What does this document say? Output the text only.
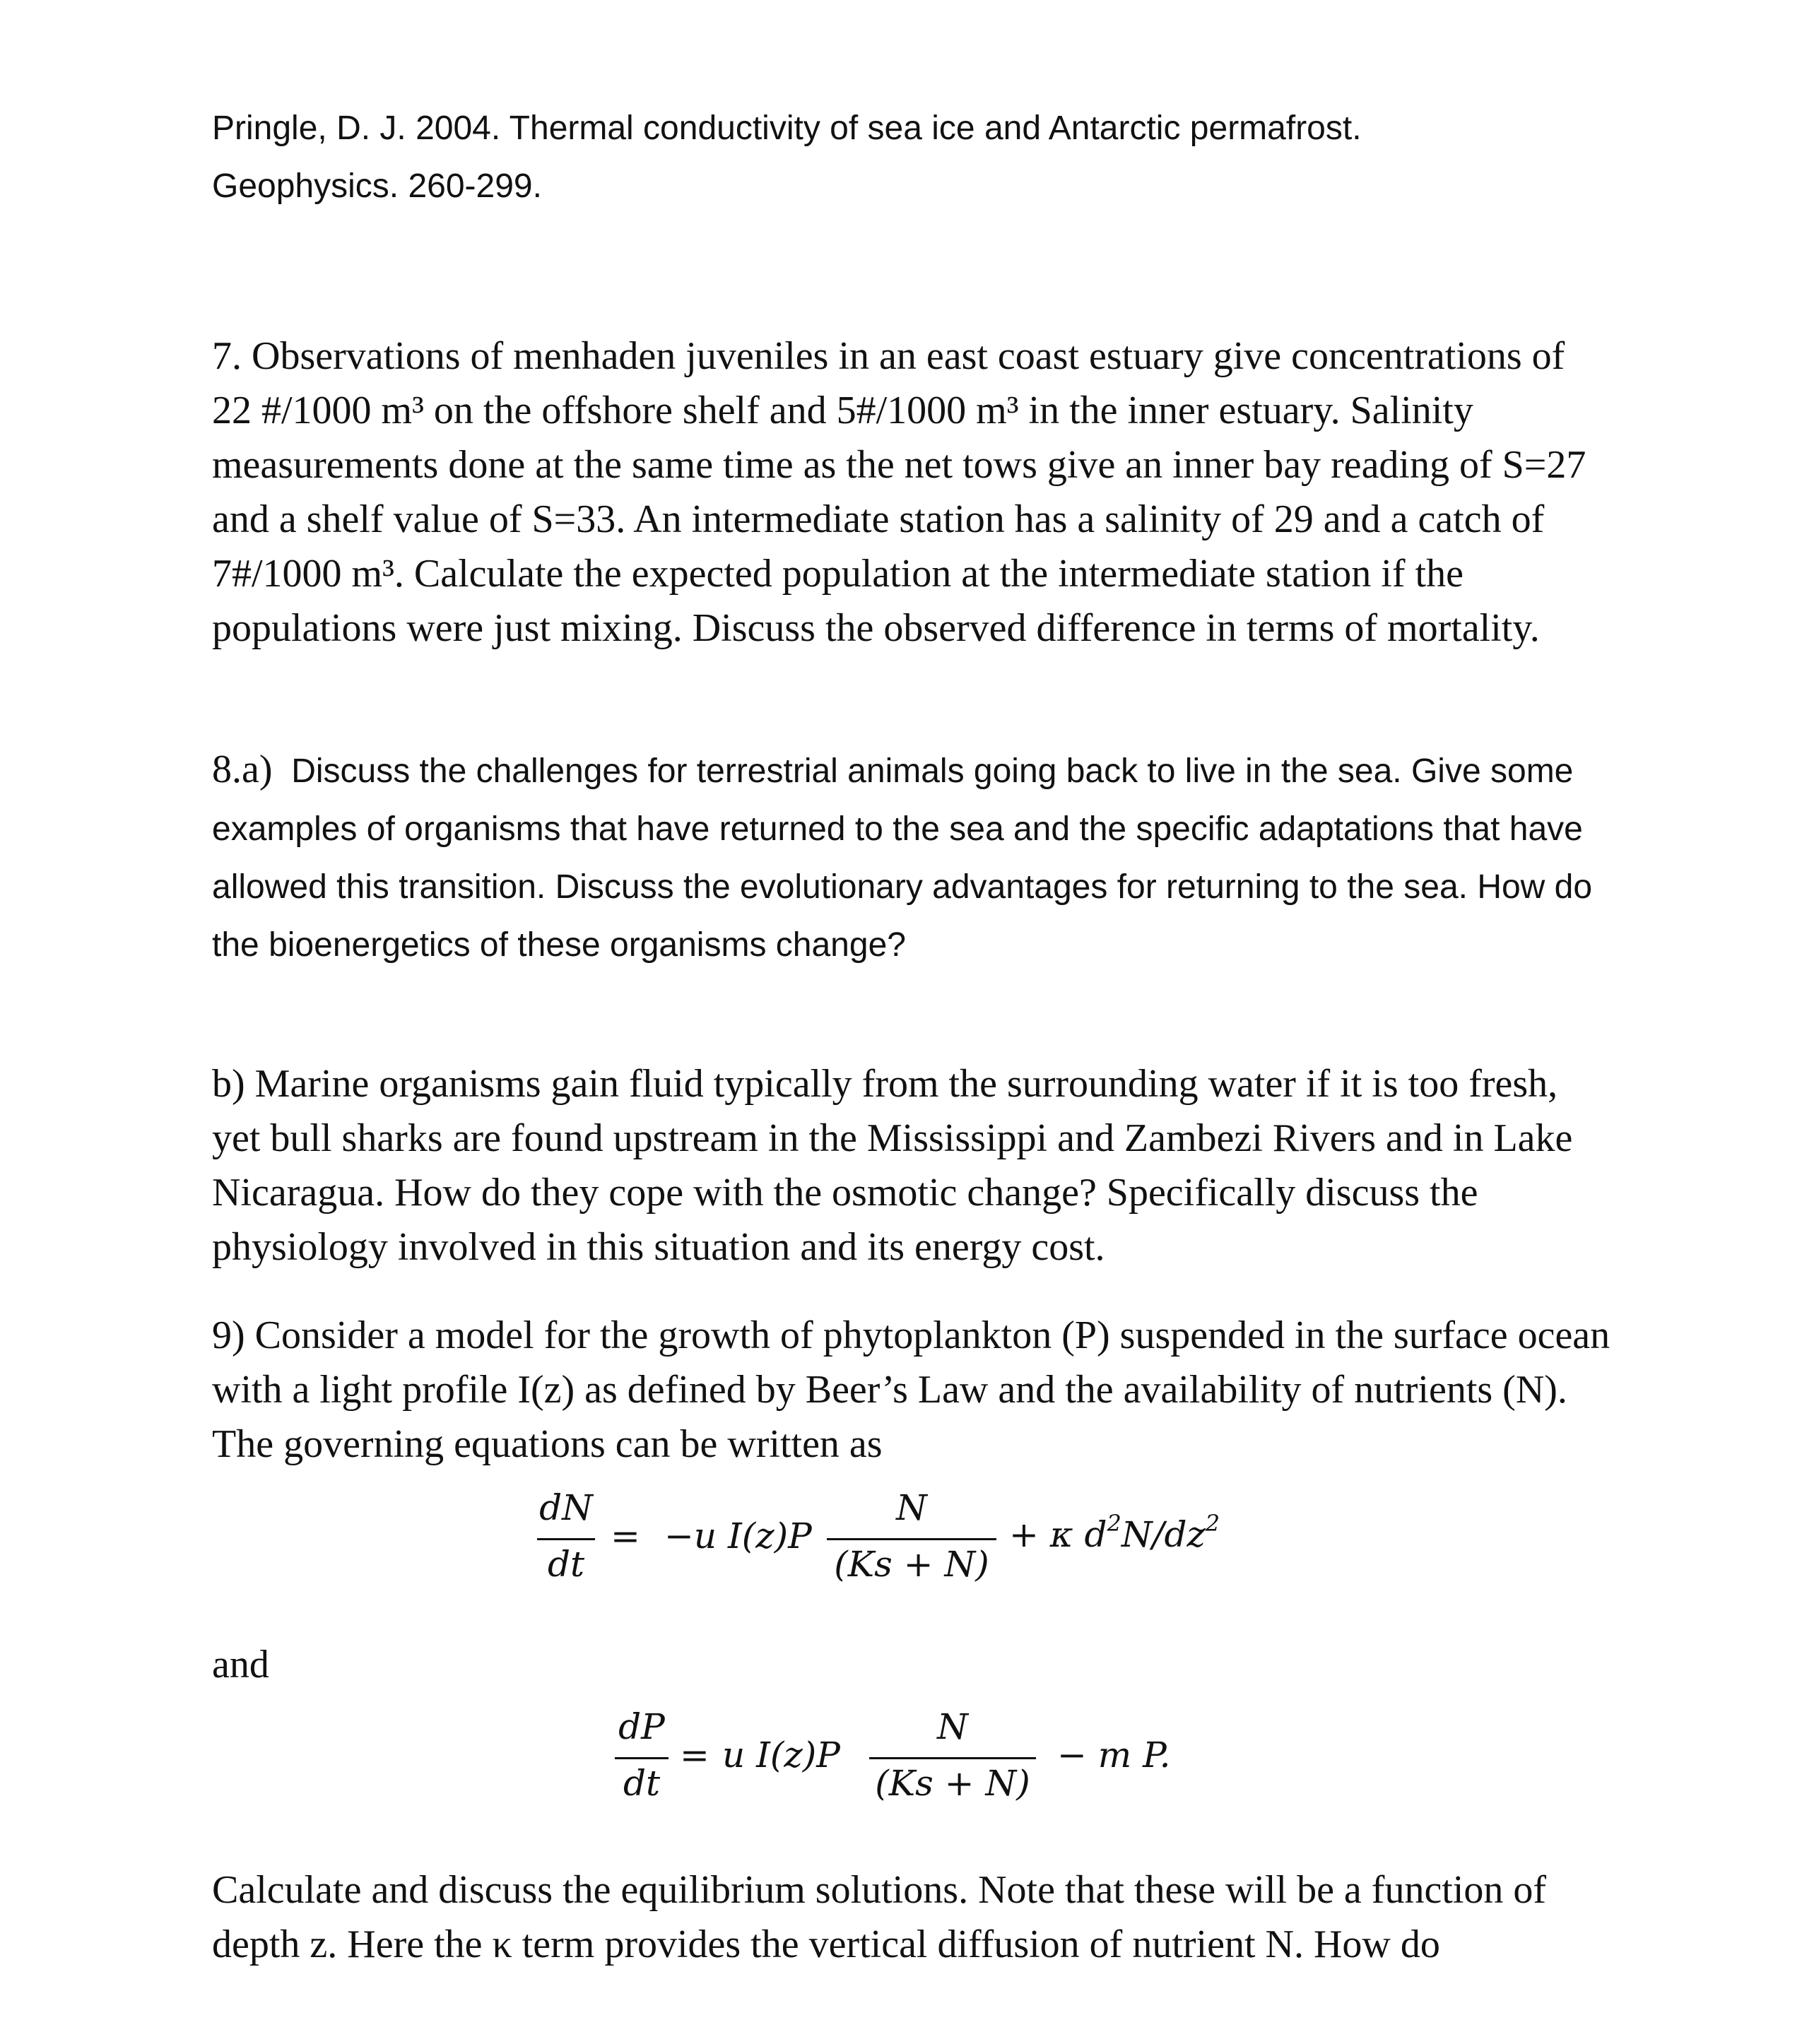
Pringle, D. J. 2004. Thermal conductivity of sea ice and Antarctic permafrost.
Geophysics. 260-299.

7. Observations of menhaden juveniles in an east coast estuary give concentrations of 22 #/1000 m³ on the offshore shelf and 5#/1000 m³ in the inner estuary. Salinity measurements done at the same time as the net tows give an inner bay reading of S=27 and a shelf value of S=33. An intermediate station has a salinity of 29 and a catch of 7#/1000 m³. Calculate the expected population at the intermediate station if the populations were just mixing. Discuss the observed difference in terms of mortality.

8.a) Discuss the challenges for terrestrial animals going back to live in the sea. Give some examples of organisms that have returned to the sea and the specific adaptations that have allowed this transition. Discuss the evolutionary advantages for returning to the sea. How do the bioenergetics of these organisms change?

b) Marine organisms gain fluid typically from the surrounding water if it is too fresh, yet bull sharks are found upstream in the Mississippi and Zambezi Rivers and in Lake Nicaragua. How do they cope with the osmotic change? Specifically discuss the physiology involved in this situation and its energy cost.

9) Consider a model for the growth of phytoplankton (P) suspended in the surface ocean with a light profile I(z) as defined by Beer’s Law and the availability of nutrients (N). The governing equations can be written as

dN
dt
= −u I(z)P
N
(Ks + N)
+ κ $d^2N/dz^2$
and
dP
dt
= u I(z)P
N
(Ks + N)
− m P.

Calculate and discuss the equilibrium solutions. Note that these will be a function of depth z. Here the κ term provides the vertical diffusion of nutrient N. How do
